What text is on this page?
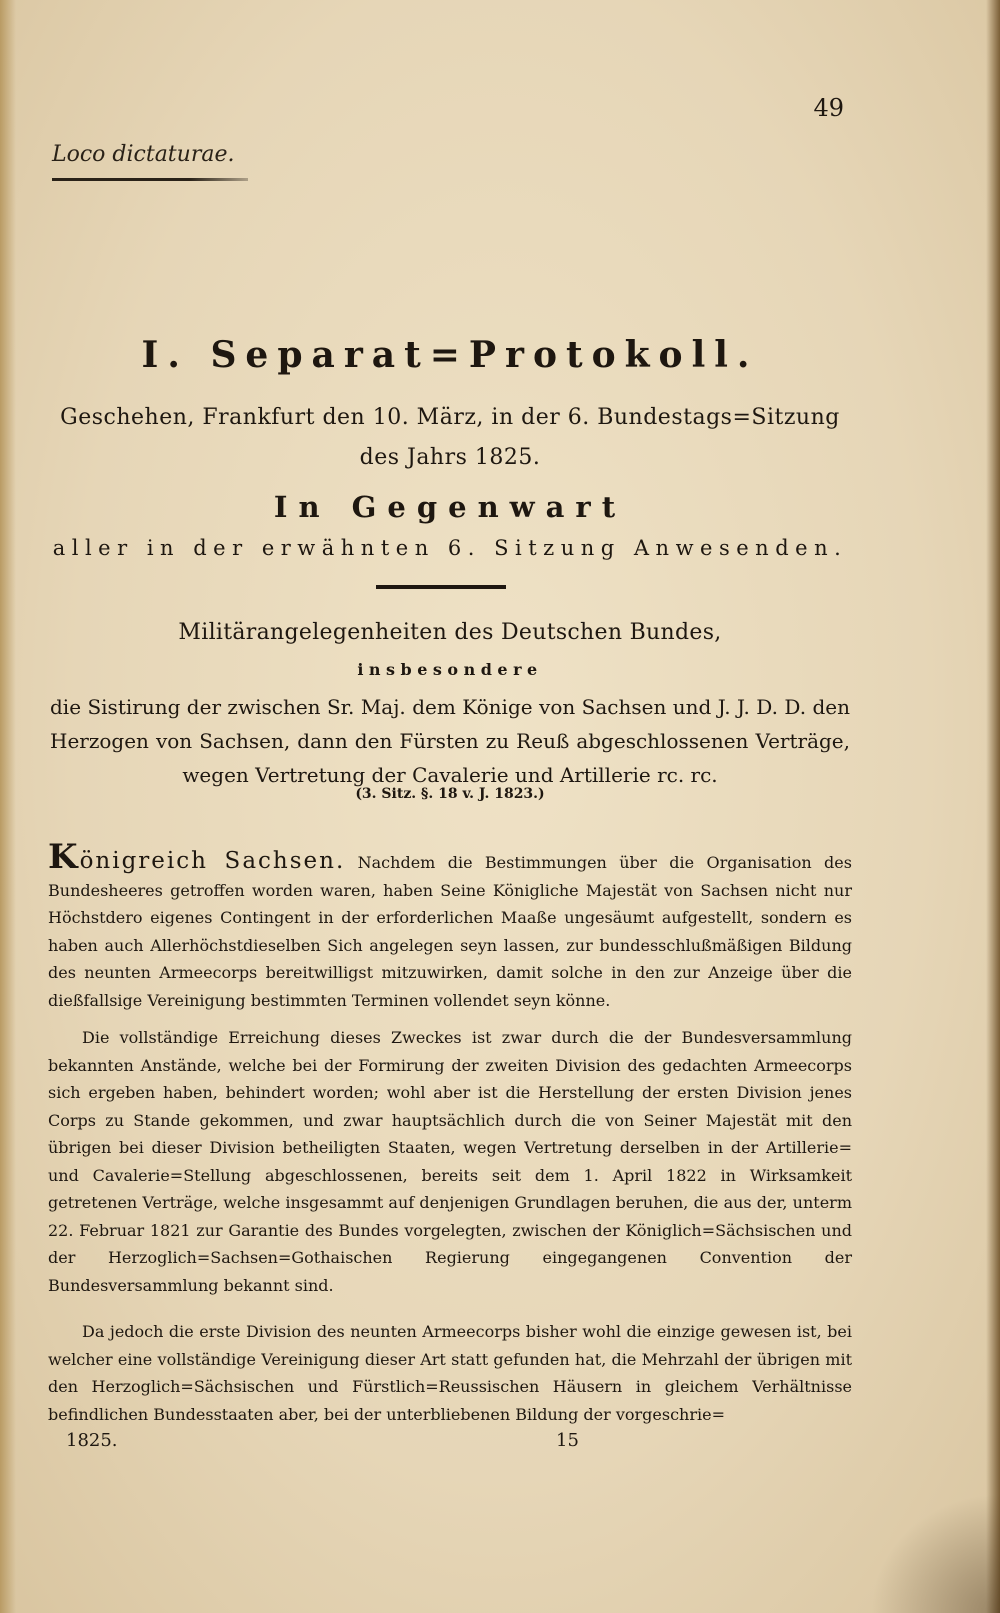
49
Loco dictaturae.
I. Separat=Protokoll.
Geschehen, Frankfurt den 10. März, in der 6. Bundestags=Sitzung des Jahrs 1825.
In Gegenwart
aller in der erwähnten 6. Sitzung Anwesenden.
Militärangelegenheiten des Deutschen Bundes,
insbesondere
die Sistirung der zwischen Sr. Maj. dem Könige von Sachsen und J. J. D. D. den Herzogen von Sachsen, dann den Fürsten zu Reuß abgeschlossenen Verträge, wegen Vertretung der Cavalerie und Artillerie rc. rc.
(3. Sitz. §. 18 v. J. 1823.)
Königreich Sachsen. Nachdem die Bestimmungen über die Organisation des Bundesheeres getroffen worden waren, haben Seine Königliche Majestät von Sachsen nicht nur Höchstdero eigenes Contingent in der erforderlichen Maaße ungesäumt aufgestellt, sondern es haben auch Allerhöchstdieselben Sich angelegen seyn lassen, zur bundesschlußmäßigen Bildung des neunten Armeecorps bereitwilligst mitzuwirken, damit solche in den zur Anzeige über die dießfallsige Vereinigung bestimmten Terminen vollendet seyn könne.
Die vollständige Erreichung dieses Zweckes ist zwar durch die der Bundesversammlung bekannten Anstände, welche bei der Formirung der zweiten Division des gedachten Armeecorps sich ergeben haben, behindert worden; wohl aber ist die Herstellung der ersten Division jenes Corps zu Stande gekommen, und zwar hauptsächlich durch die von Seiner Majestät mit den übrigen bei dieser Division betheiligten Staaten, wegen Vertretung derselben in der Artillerie= und Cavalerie=Stellung abgeschlossenen, bereits seit dem 1. April 1822 in Wirksamkeit getretenen Verträge, welche insgesammt auf denjenigen Grundlagen beruhen, die aus der, unterm 22. Februar 1821 zur Garantie des Bundes vorgelegten, zwischen der Königlich=Sächsischen und der Herzoglich=Sachsen=Gothaischen Regierung eingegangenen Convention der Bundesversammlung bekannt sind.
Da jedoch die erste Division des neunten Armeecorps bisher wohl die einzige gewesen ist, bei welcher eine vollständige Vereinigung dieser Art statt gefunden hat, die Mehrzahl der übrigen mit den Herzoglich=Sächsischen und Fürstlich=Reussischen Häusern in gleichem Verhältnisse befindlichen Bundesstaaten aber, bei der unterbliebenen Bildung der vorgeschrie=
1825.	15
